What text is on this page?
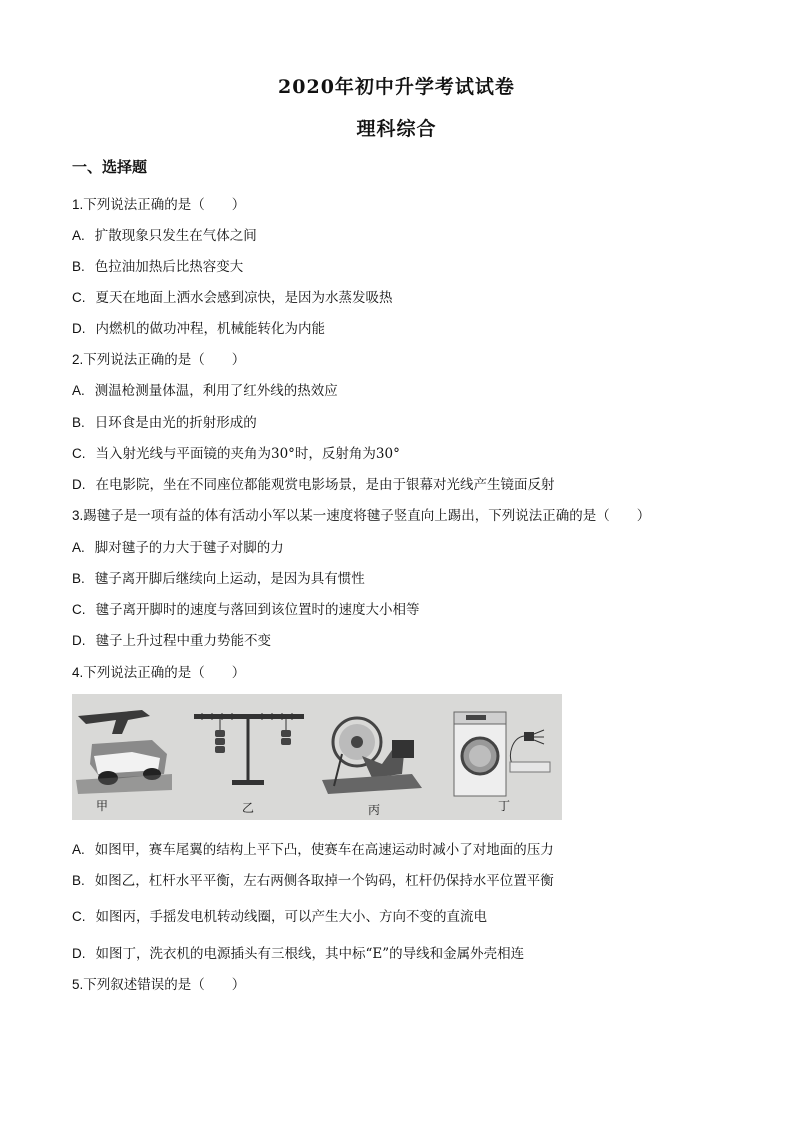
2020年初中升学考试试卷
理科综合
一、选择题
1.下列说法正确的是（　　）
A. 扩散现象只发生在气体之间
B. 色拉油加热后比热容变大
C. 夏天在地面上洒水会感到凉快，是因为水蒸发吸热
D. 内燃机的做功冲程，机械能转化为内能
2.下列说法正确的是（　　）
A. 测温枪测量体温，利用了红外线的热效应
B. 日环食是由光的折射形成的
C. 当入射光线与平面镜的夹角为30°时，反射角为30°
D. 在电影院，坐在不同座位都能观赏电影场景，是由于银幕对光线产生镜面反射
3.踢毽子是一项有益的体有活动小军以某一速度将毽子竖直向上踢出，下列说法正确的是（　　）
A. 脚对毽子的力大于毽子对脚的力
B. 毽子离开脚后继续向上运动，是因为具有惯性
C. 毽子离开脚时的速度与落回到该位置时的速度大小相等
D. 毽子上升过程中重力势能不变
4.下列说法正确的是（　　）
甲	乙	丙	丁
A. 如图甲，赛车尾翼的结构上平下凸，使赛车在高速运动时减小了对地面的压力
B. 如图乙，杠杆水平平衡，左右两侧各取掉一个钩码，杠杆仍保持水平位置平衡
C. 如图丙，手摇发电机转动线圈，可以产生大小、方向不变的直流电
D. 如图丁，洗衣机的电源插头有三根线，其中标“E”的导线和金属外壳相连
5.下列叙述错误的是（　　）
